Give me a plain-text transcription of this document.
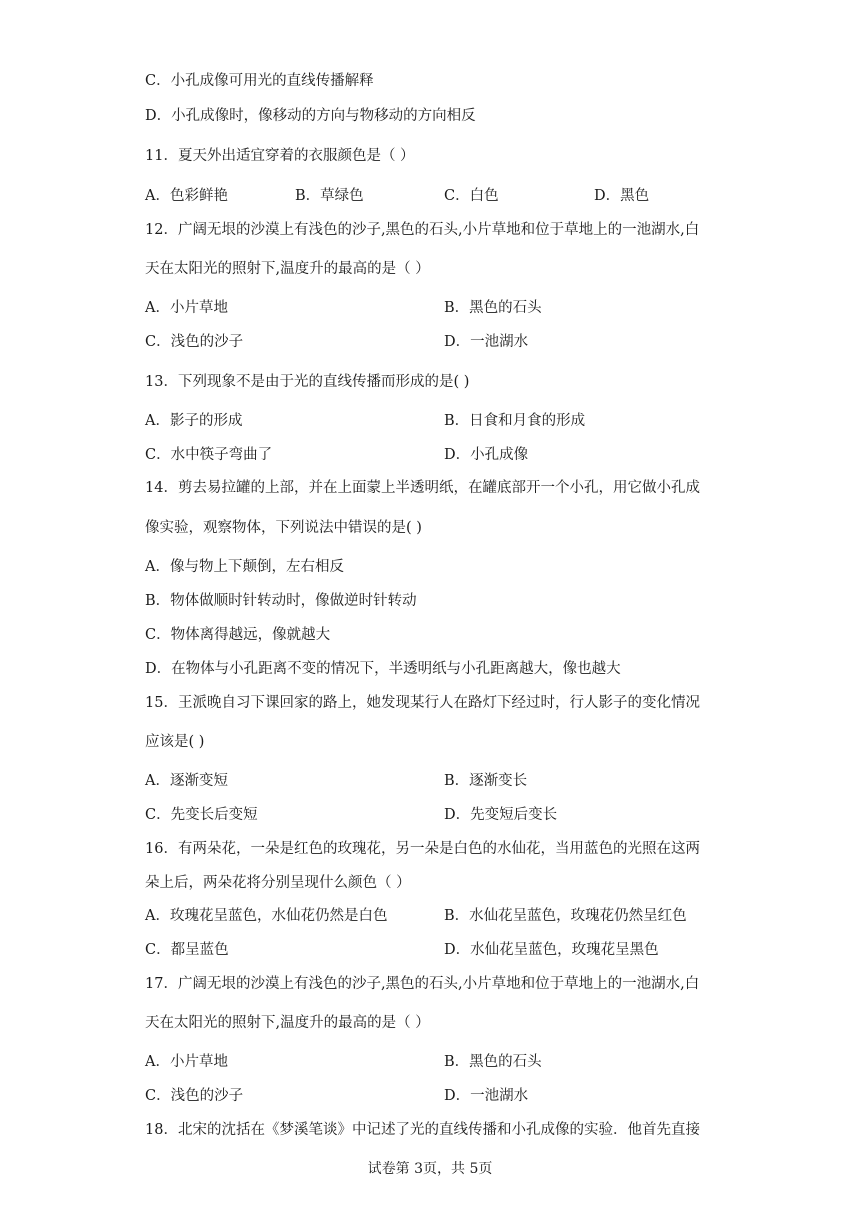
C．小孔成像可用光的直线传播解释
D．小孔成像时，像移动的方向与物移动的方向相反
11．夏天外出适宜穿着的衣服颜色是（ ）
A．色彩鲜艳	B．草绿色	C．白色	D．黑色
12．广阔无垠的沙漠上有浅色的沙子,黑色的石头,小片草地和位于草地上的一池湖水,白
天在太阳光的照射下,温度升的最高的是（ ）
A．小片草地	B．黑色的石头
C．浅色的沙子	D．一池湖水
13．下列现象不是由于光的直线传播而形成的是( )
A．影子的形成	B．日食和月食的形成
C．水中筷子弯曲了	D．小孔成像
14．剪去易拉罐的上部，并在上面蒙上半透明纸，在罐底部开一个小孔，用它做小孔成
像实验，观察物体，下列说法中错误的是( )
A．像与物上下颠倒，左右相反
B．物体做顺时针转动时，像做逆时针转动
C．物体离得越远，像就越大
D．在物体与小孔距离不变的情况下，半透明纸与小孔距离越大，像也越大
15．王派晚自习下课回家的路上，她发现某行人在路灯下经过时，行人影子的变化情况
应该是( )
A．逐渐变短	B．逐渐变长
C．先变长后变短	D．先变短后变长
16．有两朵花，一朵是红色的玫瑰花，另一朵是白色的水仙花，当用蓝色的光照在这两
朵上后，两朵花将分别呈现什么颜色（ ）
A．玫瑰花呈蓝色，水仙花仍然是白色	B．水仙花呈蓝色，玫瑰花仍然呈红色
C．都呈蓝色	D．水仙花呈蓝色，玫瑰花呈黑色
17．广阔无垠的沙漠上有浅色的沙子,黑色的石头,小片草地和位于草地上的一池湖水,白
天在太阳光的照射下,温度升的最高的是（ ）
A．小片草地	B．黑色的石头
C．浅色的沙子	D．一池湖水
18．北宋的沈括在《梦溪笔谈》中记述了光的直线传播和小孔成像的实验．他首先直接
试卷第 3页，共 5页
